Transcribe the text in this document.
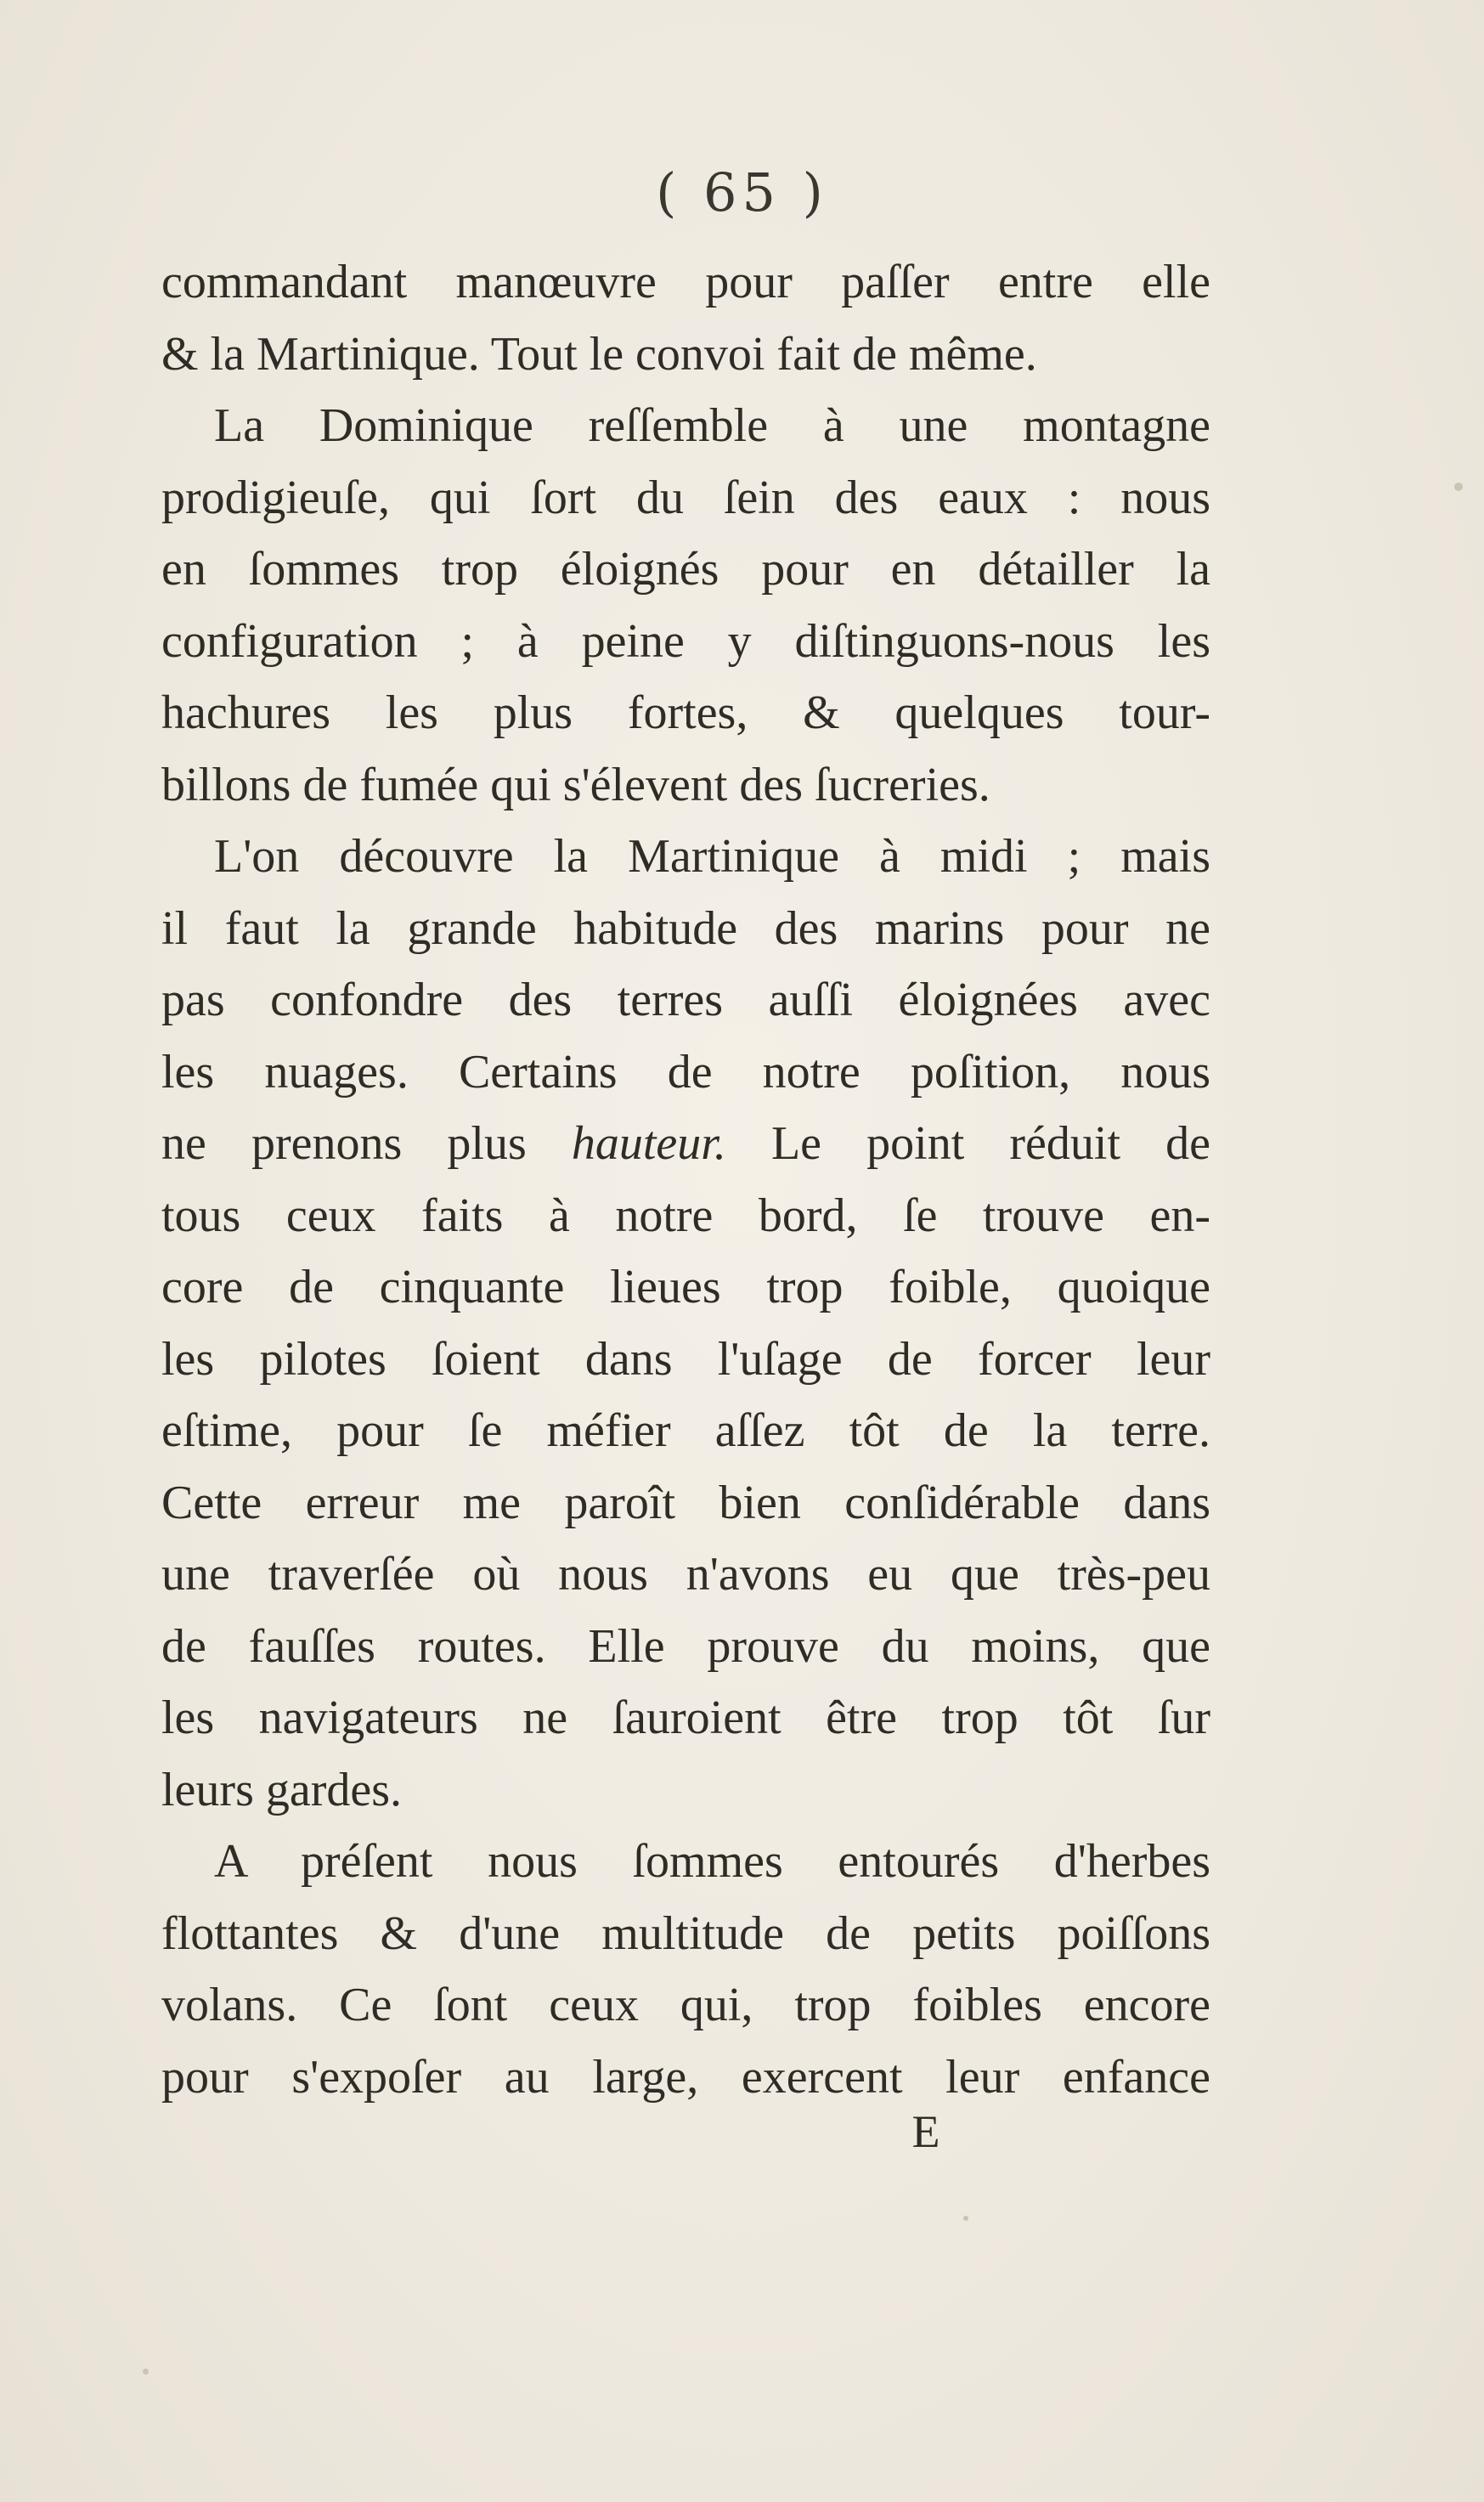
( 65 )
commandant manœuvre pour paſſer entre elle
& la Martinique. Tout le convoi fait de même.
La Dominique reſſemble à une montagne
prodigieuſe, qui ſort du ſein des eaux : nous
en ſommes trop éloignés pour en détailler la
configuration ; à peine y diſtinguons-nous les
hachures les plus fortes, & quelques tour-
billons de fumée qui s'élevent des ſucreries.
L'on découvre la Martinique à midi ; mais
il faut la grande habitude des marins pour ne
pas confondre des terres auſſi éloignées avec
les nuages. Certains de notre poſition, nous
ne prenons plus hauteur. Le point réduit de
tous ceux faits à notre bord, ſe trouve en-
core de cinquante lieues trop foible, quoique
les pilotes ſoient dans l'uſage de forcer leur
eſtime, pour ſe méfier aſſez tôt de la terre.
Cette erreur me paroît bien conſidérable dans
une traverſée où nous n'avons eu que très-peu
de fauſſes routes. Elle prouve du moins, que
les navigateurs ne ſauroient être trop tôt ſur
leurs gardes.
A préſent nous ſommes entourés d'herbes
flottantes & d'une multitude de petits poiſſons
volans. Ce ſont ceux qui, trop foibles encore
pour s'expoſer au large, exercent leur enfance
E
